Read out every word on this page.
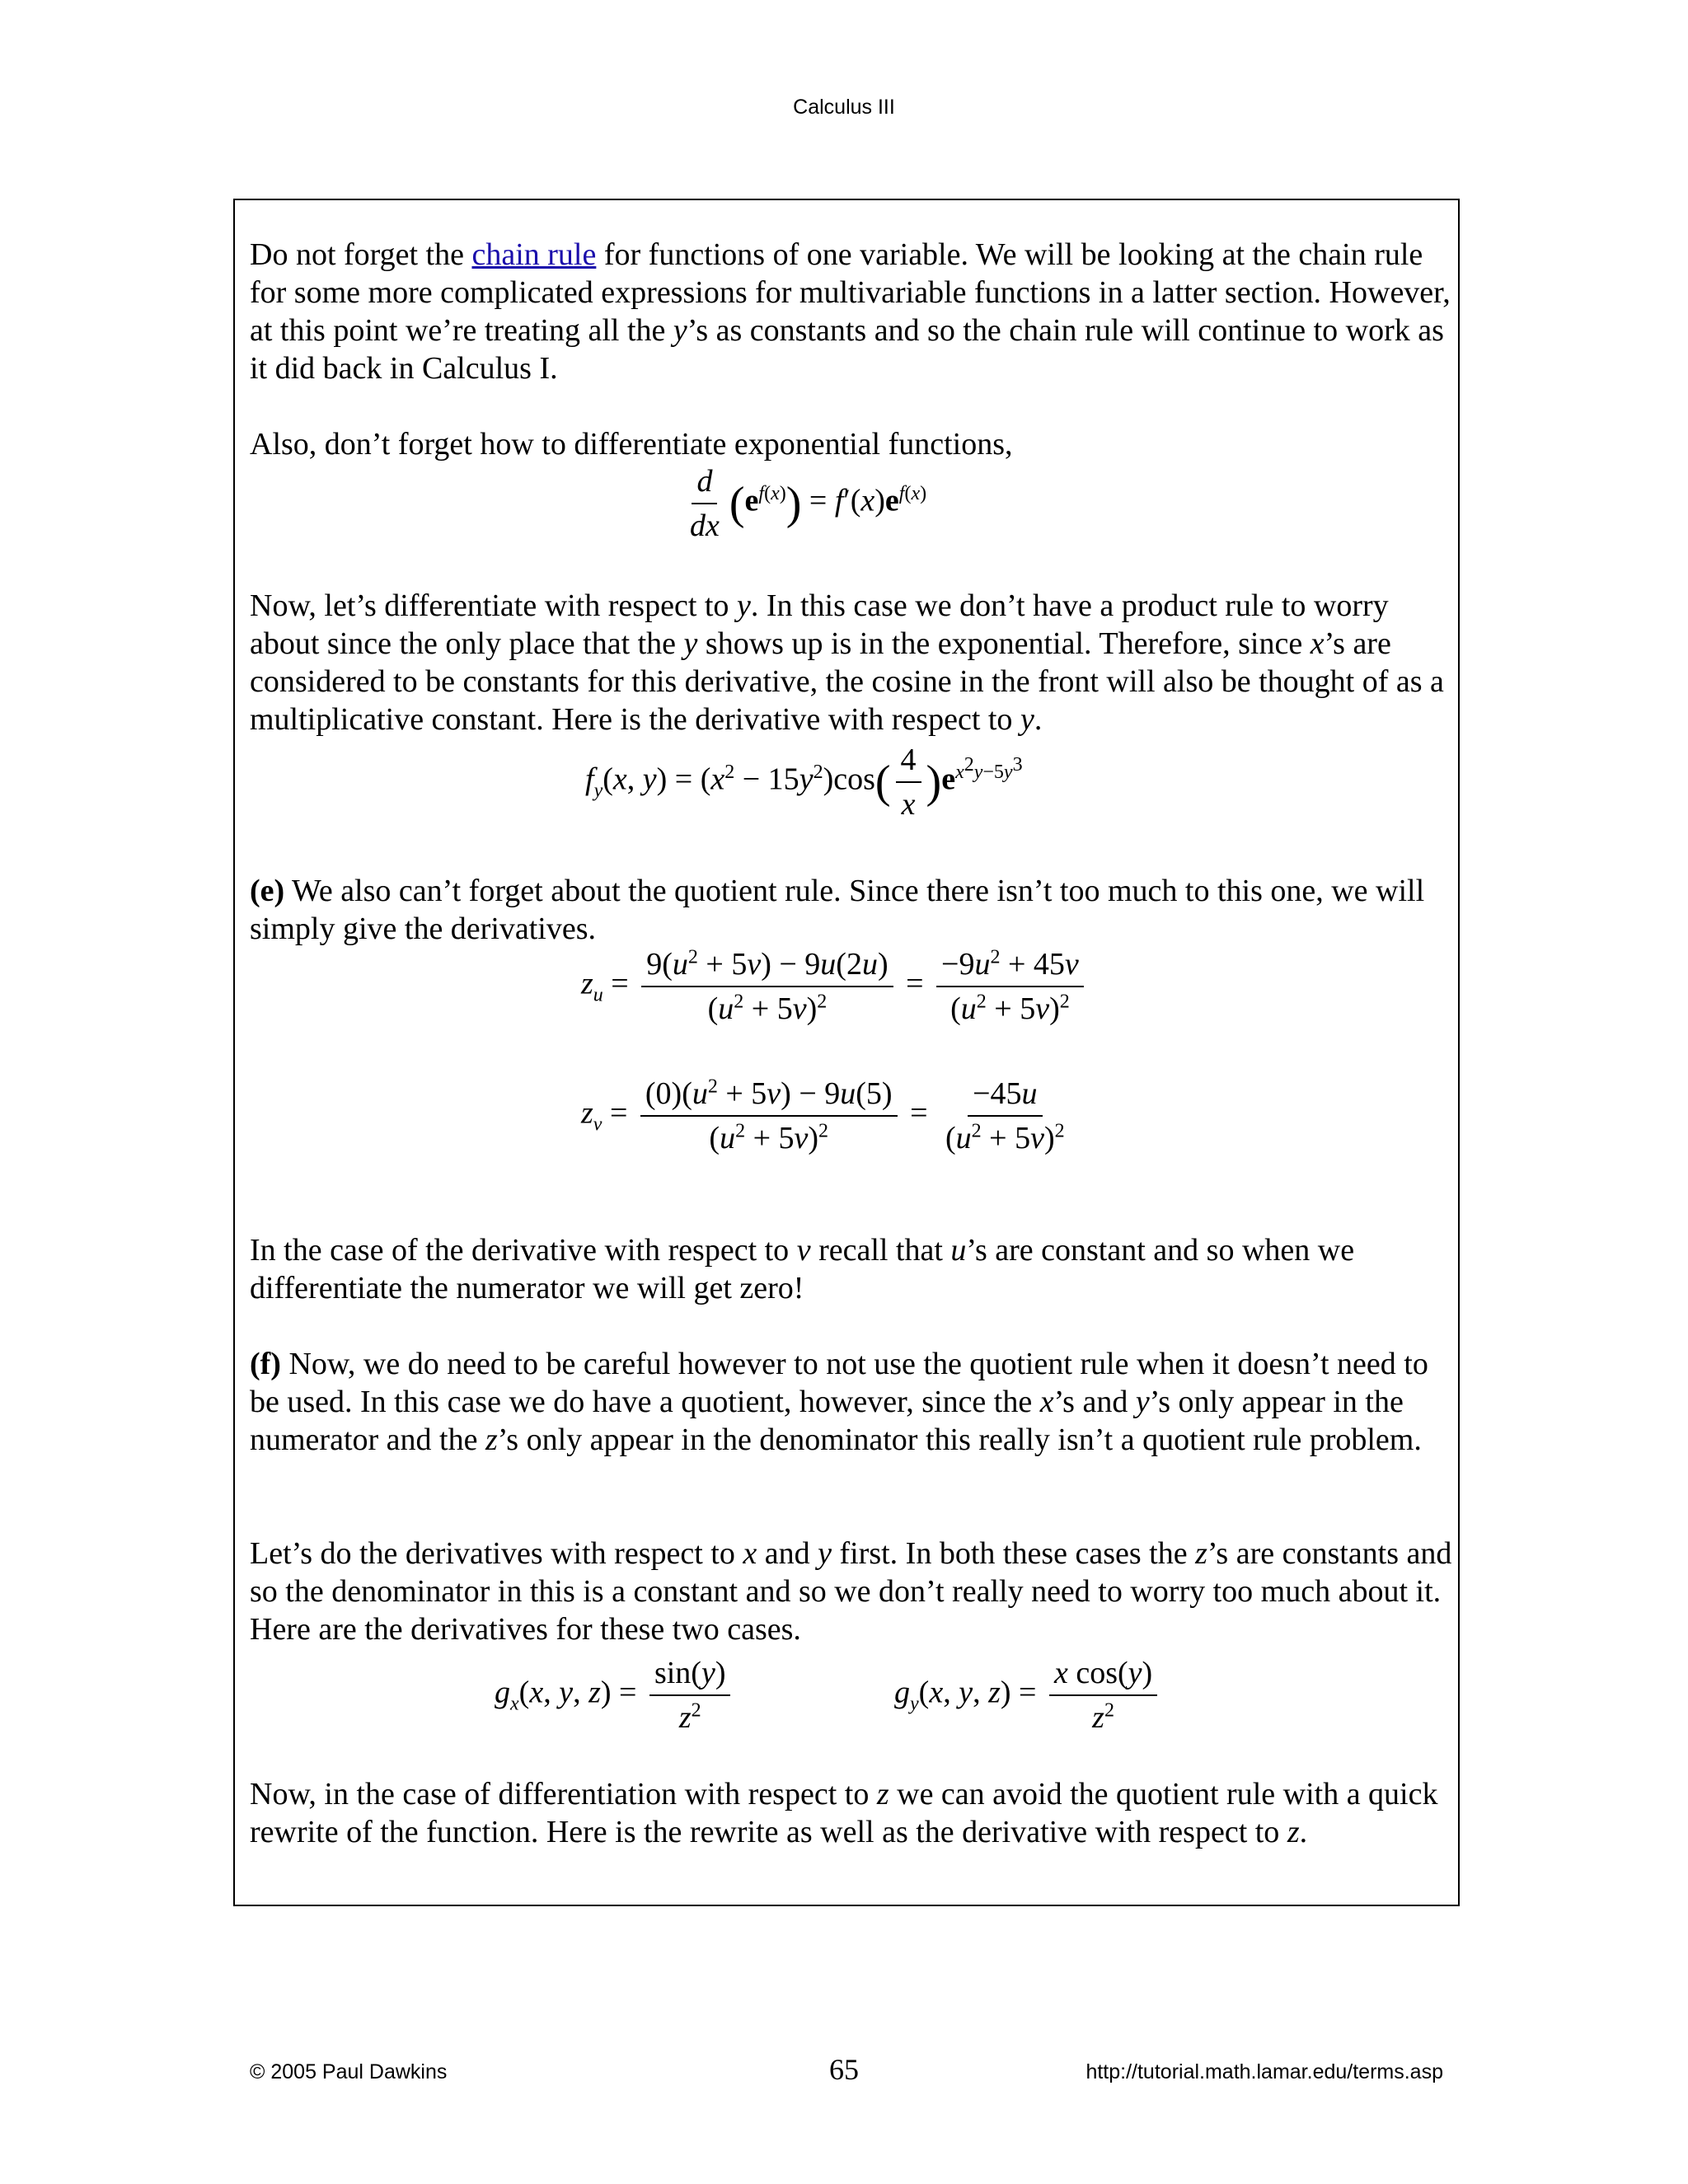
Calculus III

Do not forget the chain rule for functions of one variable. We will be looking at the chain rule for some more complicated expressions for multivariable functions in a latter section. However, at this point we’re treating all the y’s as constants and so the chain rule will continue to work as it did back in Calculus I.

Also, don’t forget how to differentiate exponential functions,

$\frac{d}{dx} (e^{f(x)}) = f'(x)e^{f(x)}$

Now, let’s differentiate with respect to y. In this case we don’t have a product rule to worry about since the only place that the y shows up is in the exponential. Therefore, since x’s are considered to be constants for this derivative, the cosine in the front will also be thought of as a multiplicative constant. Here is the derivative with respect to y.

$f_y(x$, $y) = (x^2 - 15y^2)\cos( \frac{4}{x} )e^{x^2y-5y^3}$

(e) We also can’t forget about the quotient rule. Since there isn’t too much to this one, we will simply give the derivatives.

$z_u = \frac{9(u^2 + 5v) - 9u(2u)}{(u^2 + 5v)^2} = \frac{-9u^2 + 45v}{(u^2 + 5v)^2}$
$z_v = \frac{(0)(u^2 + 5v) - 9u(5)}{(u^2 + 5v)^2} = \frac{-45u}{(u^2 + 5v)^2}$

In the case of the derivative with respect to v recall that u’s are constant and so when we differentiate the numerator we will get zero!

(f) Now, we do need to be careful however to not use the quotient rule when it doesn’t need to be used. In this case we do have a quotient, however, since the x’s and y’s only appear in the numerator and the z’s only appear in the denominator this really isn’t a quotient rule problem.

Let’s do the derivatives with respect to x and y first. In both these cases the z’s are constants and so the denominator in this is a constant and so we don’t really need to worry too much about it. Here are the derivatives for these two cases.

$g_x(x$, y, $z) = \frac{\sin(y)}{z^2}$	$g_y(x$, y, $z) = \frac{\text{x cos(y)}}{z^2}$

Now, in the case of differentiation with respect to z we can avoid the quotient rule with a quick rewrite of the function. Here is the rewrite as well as the derivative with respect to z.

© 2005 Paul Dawkins	65	http://tutorial.math.lamar.edu/terms.asp
